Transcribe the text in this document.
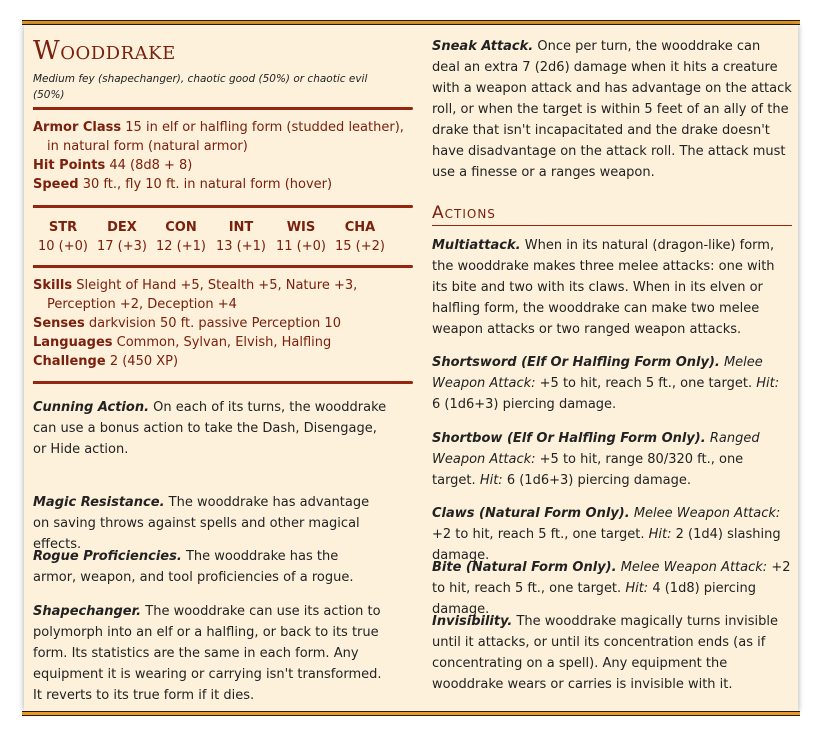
Wooddrake
Medium fey (shapechanger), chaotic good (50%) or chaotic evil (50%)
Armor Class 15 in elf or halfling form (studded leather),
in natural form (natural armor)
Hit Points 44 (8d8 + 8)
Speed 30 ft., fly 10 ft. in natural form (hover)
STR
10 (+0)
DEX
17 (+3)
CON
12 (+1)
INT
13 (+1)
WIS
11 (+0)
CHA
15 (+2)
Skills Sleight of Hand +5, Stealth +5, Nature +3,
Perception +2, Deception +4
Senses darkvision 50 ft. passive Perception 10
Languages Common, Sylvan, Elvish, Halfling
Challenge 2 (450 XP)
Cunning Action. On each of its turns, the wooddrake can use a bonus action to take the Dash, Disengage, or Hide action.
Magic Resistance. The wooddrake has advantage on saving throws against spells and other magical effects.
Rogue Proficiencies. The wooddrake has the armor, weapon, and tool proficiencies of a rogue.
Shapechanger. The wooddrake can use its action to polymorph into an elf or a halfling, or back to its true form. Its statistics are the same in each form. Any equipment it is wearing or carrying isn't transformed. It reverts to its true form if it dies.
Sneak Attack. Once per turn, the wooddrake can deal an extra 7 (2d6) damage when it hits a creature with a weapon attack and has advantage on the attack roll, or when the target is within 5 feet of an ally of the drake that isn't incapacitated and the drake doesn't have disadvantage on the attack roll. The attack must use a finesse or a ranges weapon.
Actions
Multiattack. When in its natural (dragon-like) form, the wooddrake makes three melee attacks: one with its bite and two with its claws. When in its elven or halfling form, the wooddrake can make two melee weapon attacks or two ranged weapon attacks.
Shortsword (Elf Or Halfling Form Only). Melee Weapon Attack: +5 to hit, reach 5 ft., one target. Hit: 6 (1d6+3) piercing damage.
Shortbow (Elf Or Halfling Form Only). Ranged Weapon Attack: +5 to hit, range 80/320 ft., one target. Hit: 6 (1d6+3) piercing damage.
Claws (Natural Form Only). Melee Weapon Attack: +2 to hit, reach 5 ft., one target. Hit: 2 (1d4) slashing damage.
Bite (Natural Form Only). Melee Weapon Attack: +2 to hit, reach 5 ft., one target. Hit: 4 (1d8) piercing damage.
Invisibility. The wooddrake magically turns invisible until it attacks, or until its concentration ends (as if concentrating on a spell). Any equipment the wooddrake wears or carries is invisible with it.
